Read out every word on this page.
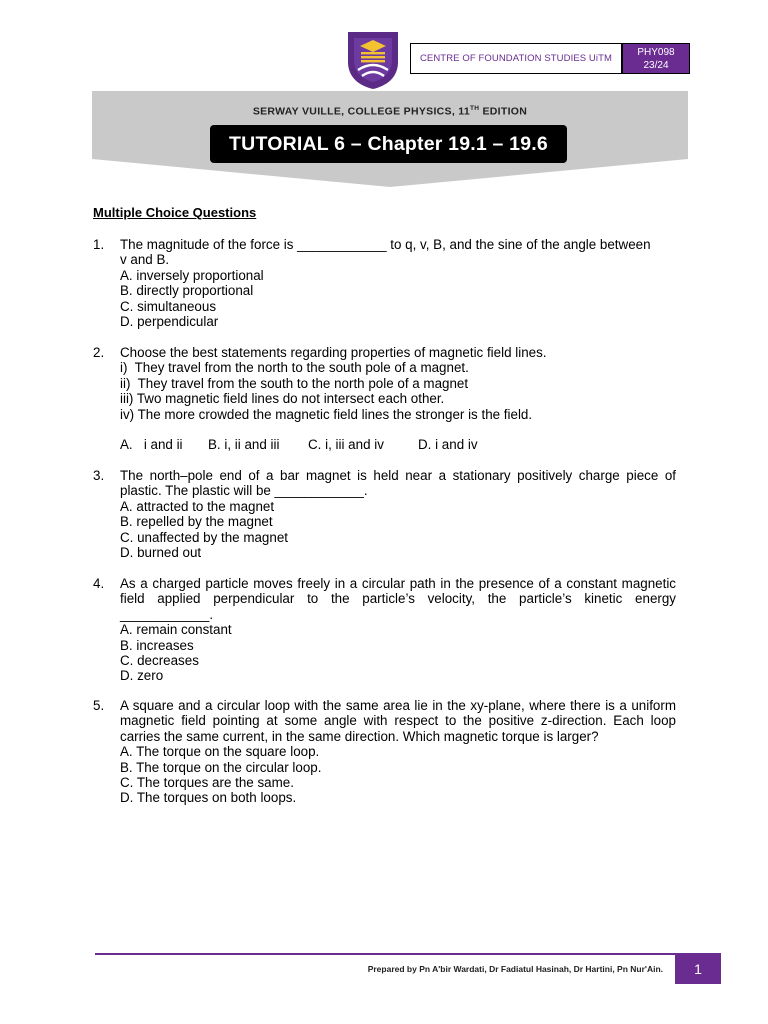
CENTRE OF FOUNDATION STUDIES UiTM
PHY098
23/24
SERWAY VUILLE, COLLEGE PHYSICS, 11TH EDITION
TUTORIAL 6 – Chapter 19.1 – 19.6
Multiple Choice Questions
1. The magnitude of the force is ____________ to q, v, B, and the sine of the angle between
v and B.
A. inversely proportional
B. directly proportional
C. simultaneous
D. perpendicular
2. Choose the best statements regarding properties of magnetic field lines.
i)  They travel from the north to the south pole of a magnet.
ii)  They travel from the south to the north pole of a magnet
iii) Two magnetic field lines do not intersect each other.
iv) The more crowded the magnetic field lines the stronger is the field.
A.   i and ii	B. i, ii and iii	C. i, iii and iv	D. i and iv
3. The north–pole end of a bar magnet is held near a stationary positively charge piece of plastic. The plastic will be ____________.
A. attracted to the magnet
B. repelled by the magnet
C. unaffected by the magnet
D. burned out
4. As a charged particle moves freely in a circular path in the presence of a constant magnetic field applied perpendicular to the particle’s velocity, the particle’s kinetic energy ____________.
A. remain constant
B. increases
C. decreases
D. zero
5. A square and a circular loop with the same area lie in the xy-plane, where there is a uniform magnetic field pointing at some angle with respect to the positive z-direction. Each loop carries the same current, in the same direction. Which magnetic torque is larger?
A. The torque on the square loop.
B. The torque on the circular loop.
C. The torques are the same.
D. The torques on both loops.
Prepared by Pn A'bir Wardati, Dr Fadiatul Hasinah, Dr Hartini, Pn Nur'Ain.	1
